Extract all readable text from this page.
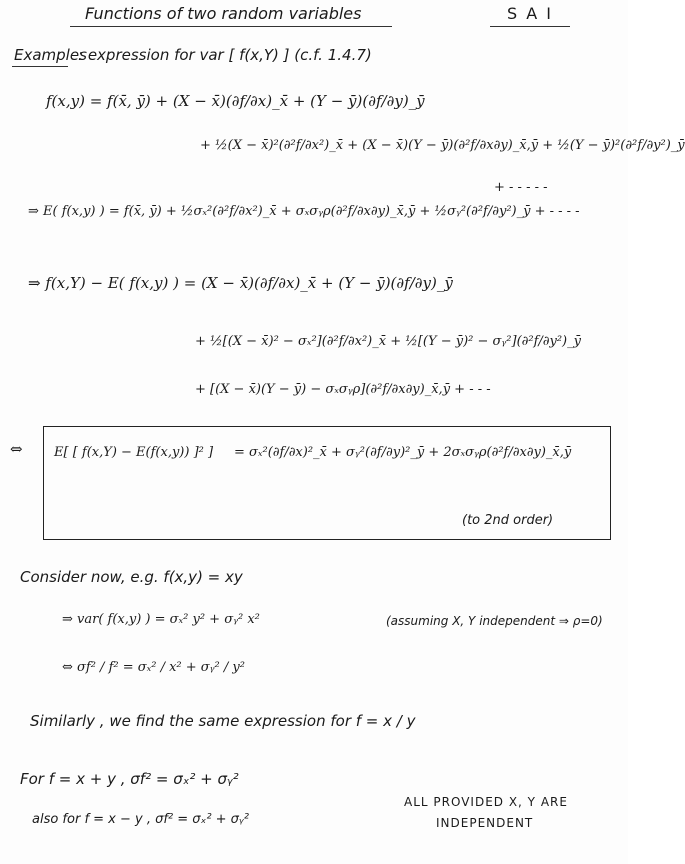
Functions of two random variables	S A I
Examples
: expression for var [ f(x,Y) ] (c.f. 1.4.7)
f(x,y) = f(x̄, ȳ) + (X − x̄)(∂f/∂x)_x̄ + (Y − ȳ)(∂f/∂y)_ȳ
+ ½(X − x̄)²(∂²f/∂x²)_x̄ + (X − x̄)(Y − ȳ)(∂²f/∂x∂y)_x̄,ȳ + ½(Y − ȳ)²(∂²f/∂y²)_ȳ
+ - - - - -
⇒ E( f(x,y) ) = f(x̄, ȳ) + ½σₓ²(∂²f/∂x²)_x̄ + σₓσᵧρ(∂²f/∂x∂y)_x̄,ȳ + ½σᵧ²(∂²f/∂y²)_ȳ + - - - -
⇒ f(x,Y) − E( f(x,y) ) = (X − x̄)(∂f/∂x)_x̄ + (Y − ȳ)(∂f/∂y)_ȳ
+ ½[(X − x̄)² − σₓ²](∂²f/∂x²)_x̄ + ½[(Y − ȳ)² − σᵧ²](∂²f/∂y²)_ȳ
+ [(X − x̄)(Y − ȳ) − σₓσᵧρ](∂²f/∂x∂y)_x̄,ȳ + - - -
⇔ E[ [ f(x,Y) − E(f(x,y)) ]² ] = σₓ²(∂f/∂x)²_x̄ + σᵧ²(∂f/∂y)²_ȳ + 2σₓσᵧρ(∂²f/∂x∂y)_x̄,ȳ
(to 2nd order)
Consider now, e.g. f(x,y) = xy
⇒ var( f(x,y) ) = σₓ² y² + σᵧ² x²	(assuming X, Y independent ⇒ ρ=0)
⇔ σf² / f² = σₓ² / x² + σᵧ² / y²
Similarly , we find the same expression for f = x / y
For f = x + y , σf² = σₓ² + σᵧ²
also for f = x − y , σf² = σₓ² + σᵧ²
ALL PROVIDED X, Y ARE
INDEPENDENT
